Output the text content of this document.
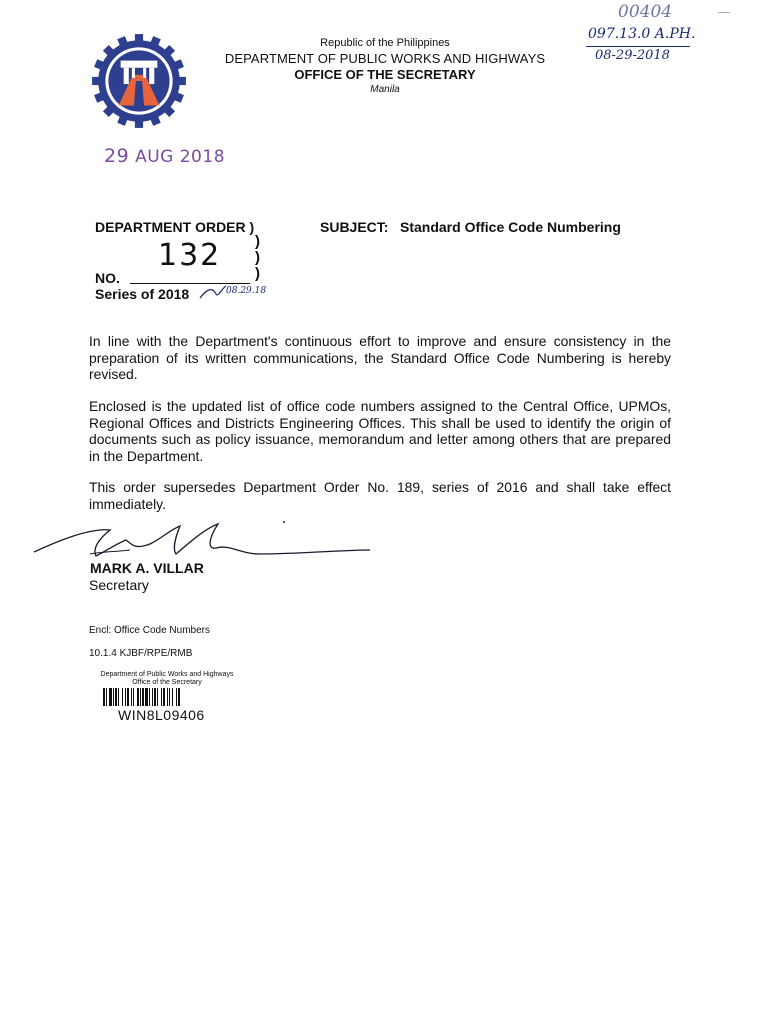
Republic of the Philippines
DEPARTMENT OF PUBLIC WORKS AND HIGHWAYS
OFFICE OF THE SECRETARY
Manila
00404
097.13.0 A.PH.
08-29-2018
29 AUG 2018
DEPARTMENT ORDER )
)
)
)
132
NO.
Series of 2018	08.29.18
SUBJECT: Standard Office Code Numbering
In line with the Department's continuous effort to improve and ensure consistency in the preparation of its written communications, the Standard Office Code Numbering is hereby revised.
Enclosed is the updated list of office code numbers assigned to the Central Office, UPMOs, Regional Offices and Districts Engineering Offices. This shall be used to identify the origin of documents such as policy issuance, memorandum and letter among others that are prepared in the Department.
This order supersedes Department Order No. 189, series of 2016 and shall take effect immediately.
MARK A. VILLAR
Secretary
Encl: Office Code Numbers
10.1.4 KJBF/RPE/RMB
Department of Public Works and Highways
Office of the Secretary
WIN8L09406
